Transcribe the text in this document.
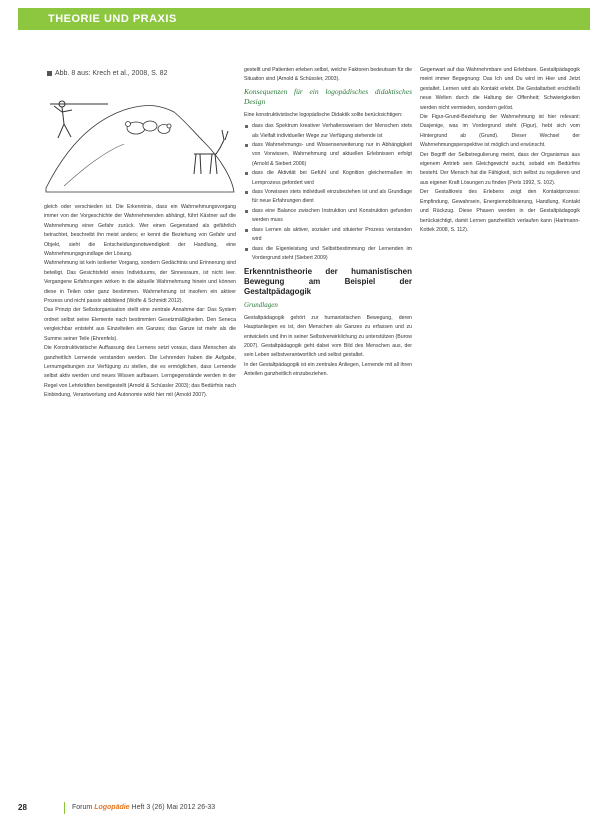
THEORIE UND PRAXIS
Abb. 8 aus: Krech et al., 2008, S. 82

gleich oder verschieden ist. Die Erkenntnis, dass ein Wahrnehmungsvorgang immer von der Vorgeschichte der Wahrnehmenden abhängt, führt Kästner auf die Wahrnehmung einer Gefahr zurück. Wer einen Gegenstand als gefährlich betrachtet, beschreibt ihn meist anders; er kennt die Beziehung von Gefahr und Objekt, sieht die Entscheidungsnotwendigkeit der Handlung, eine Wahrnehmungsgrundlage der Lösung.

Wahrnehmung ist kein isolierter Vorgang, sondern Gedächtnis und Erinnerung sind beteiligt. Das Gesichtsfeld eines Individuums, der Sinnesraum, ist nicht leer. Vergangene Erfahrungen wirken in die aktuelle Wahrnehmung hinein und können diese in Teilen oder ganz bestimmen. Wahrnehmung ist insofern ein aktiver Prozess und nicht passiv abbildend (Wolfe & Schmidt 2012).

Das Prinzip der Selbstorganisation stellt eine zentrale Annahme dar: Das System ordnet selbst seine Elemente nach bestimmten Gesetzmäßigkeiten. Den Seneca vergleichbar entsteht aus Einzelteilen ein Ganzes; das Ganze ist mehr als die Summe seiner Teile (Ehrenfels).

Die Konstruktivistische Auffassung des Lernens setzt voraus, dass Menschen als ganzheitlich Lernende verstanden werden. Die Lehrenden haben die Aufgabe, Lernumgebungen zur Verfügung zu stellen, die es ermöglichen, dass Lernende selbst aktiv werden und neues Wissen aufbauen. Lerngegenstände werden in der Regel von Lehrkräften bereitgestellt (Arnold & Schüssler 2003); das Bedürfnis nach Einbindung, Verantwortung und Autonomie wirkt hier mit (Arnold 2007).

gestellt und Patienten erleben selbst, welche Faktoren bedeutsam für die Situation sind (Arnold & Schüssler, 2003).

Konsequenzen für ein logopädisches didaktisches Design

Eine konstruktivistische logopädische Didaktik sollte berücksichtigen:

dass das Spektrum kreativer Verhaltensweisen der Menschen stets als Vielfalt individueller Wege zur Verfügung stehende ist
dass Wahrnehmungs- und Wissenserweiterung nur in Abhängigkeit von Vorwissen, Wahrnehmung und aktuellen Erlebnissen erfolgt (Arnold & Siebert 2006)
dass die Aktivität bei Gefühl und Kognition gleichermaßen im Lernprozess gefordert wird
dass Vorwissen stets individuell einzubeziehen ist und als Grundlage für neue Erfahrungen dient
dass eine Balance zwischen Instruktion und Konstruktion gefunden werden muss
dass Lernen als aktiver, sozialer und situierter Prozess verstanden wird
dass die Eigenleistung und Selbstbestimmung der Lernenden im Vordergrund steht (Siebert 2009)
Erkenntnistheorie der humanistischen Bewegung am Beispiel der Gestaltpädagogik
Grundlagen

Gestaltpädagogik gehört zur humanistischen Bewegung, deren Hauptanliegen es ist, den Menschen als Ganzes zu erfassen und zu entwickeln und ihn in seiner Selbstverwirklichung zu unterstützen (Burow 2007). Gestaltpädagogik geht dabei vom Bild des Menschen aus, der sein Leben selbstverantwortlich und selbst gestaltet.

In der Gestaltpädagogik ist ein zentrales Anliegen, Lernende mit all ihren Anteilen ganzheitlich einzubeziehen.

Gegenwart auf das Wahrnehmbare und Erlebbare. Gestaltpädagogik meint immer Begegnung: Das Ich und Du wird im Hier und Jetzt gestaltet. Lernen wird als Kontakt erlebt. Die Gestaltarbeit erschließt neue Welten durch die Haltung der Offenheit; Schwierigkeiten werden nicht vermieden, sondern gelöst.

Die Figur-Grund-Beziehung der Wahrnehmung ist hier relevant: Dasjenige, was im Vordergrund steht (Figur), hebt sich vom Hintergrund ab (Grund). Dieser Wechsel der Wahrnehmungsperspektive ist möglich und erwünscht.

Der Begriff der Selbstregulierung meint, dass der Organismus aus eigenem Antrieb sein Gleichgewicht sucht, sobald ein Bedürfnis besteht. Der Mensch hat die Fähigkeit, sich selbst zu regulieren und aus eigener Kraft Lösungen zu finden (Perls 1992, S. 102).

Der Gestaltkreis des Erlebens zeigt den Kontaktprozess: Empfindung, Gewahrsein, Energiemobilisierung, Handlung, Kontakt und Rückzug. Diese Phasen werden in der Gestaltpädagogik berücksichtigt, damit Lernen ganzheitlich verlaufen kann (Hartmann-Kottek 2008, S. 112).

28	Forum Logopädie Heft 3 (26) Mai 2012 26-33
